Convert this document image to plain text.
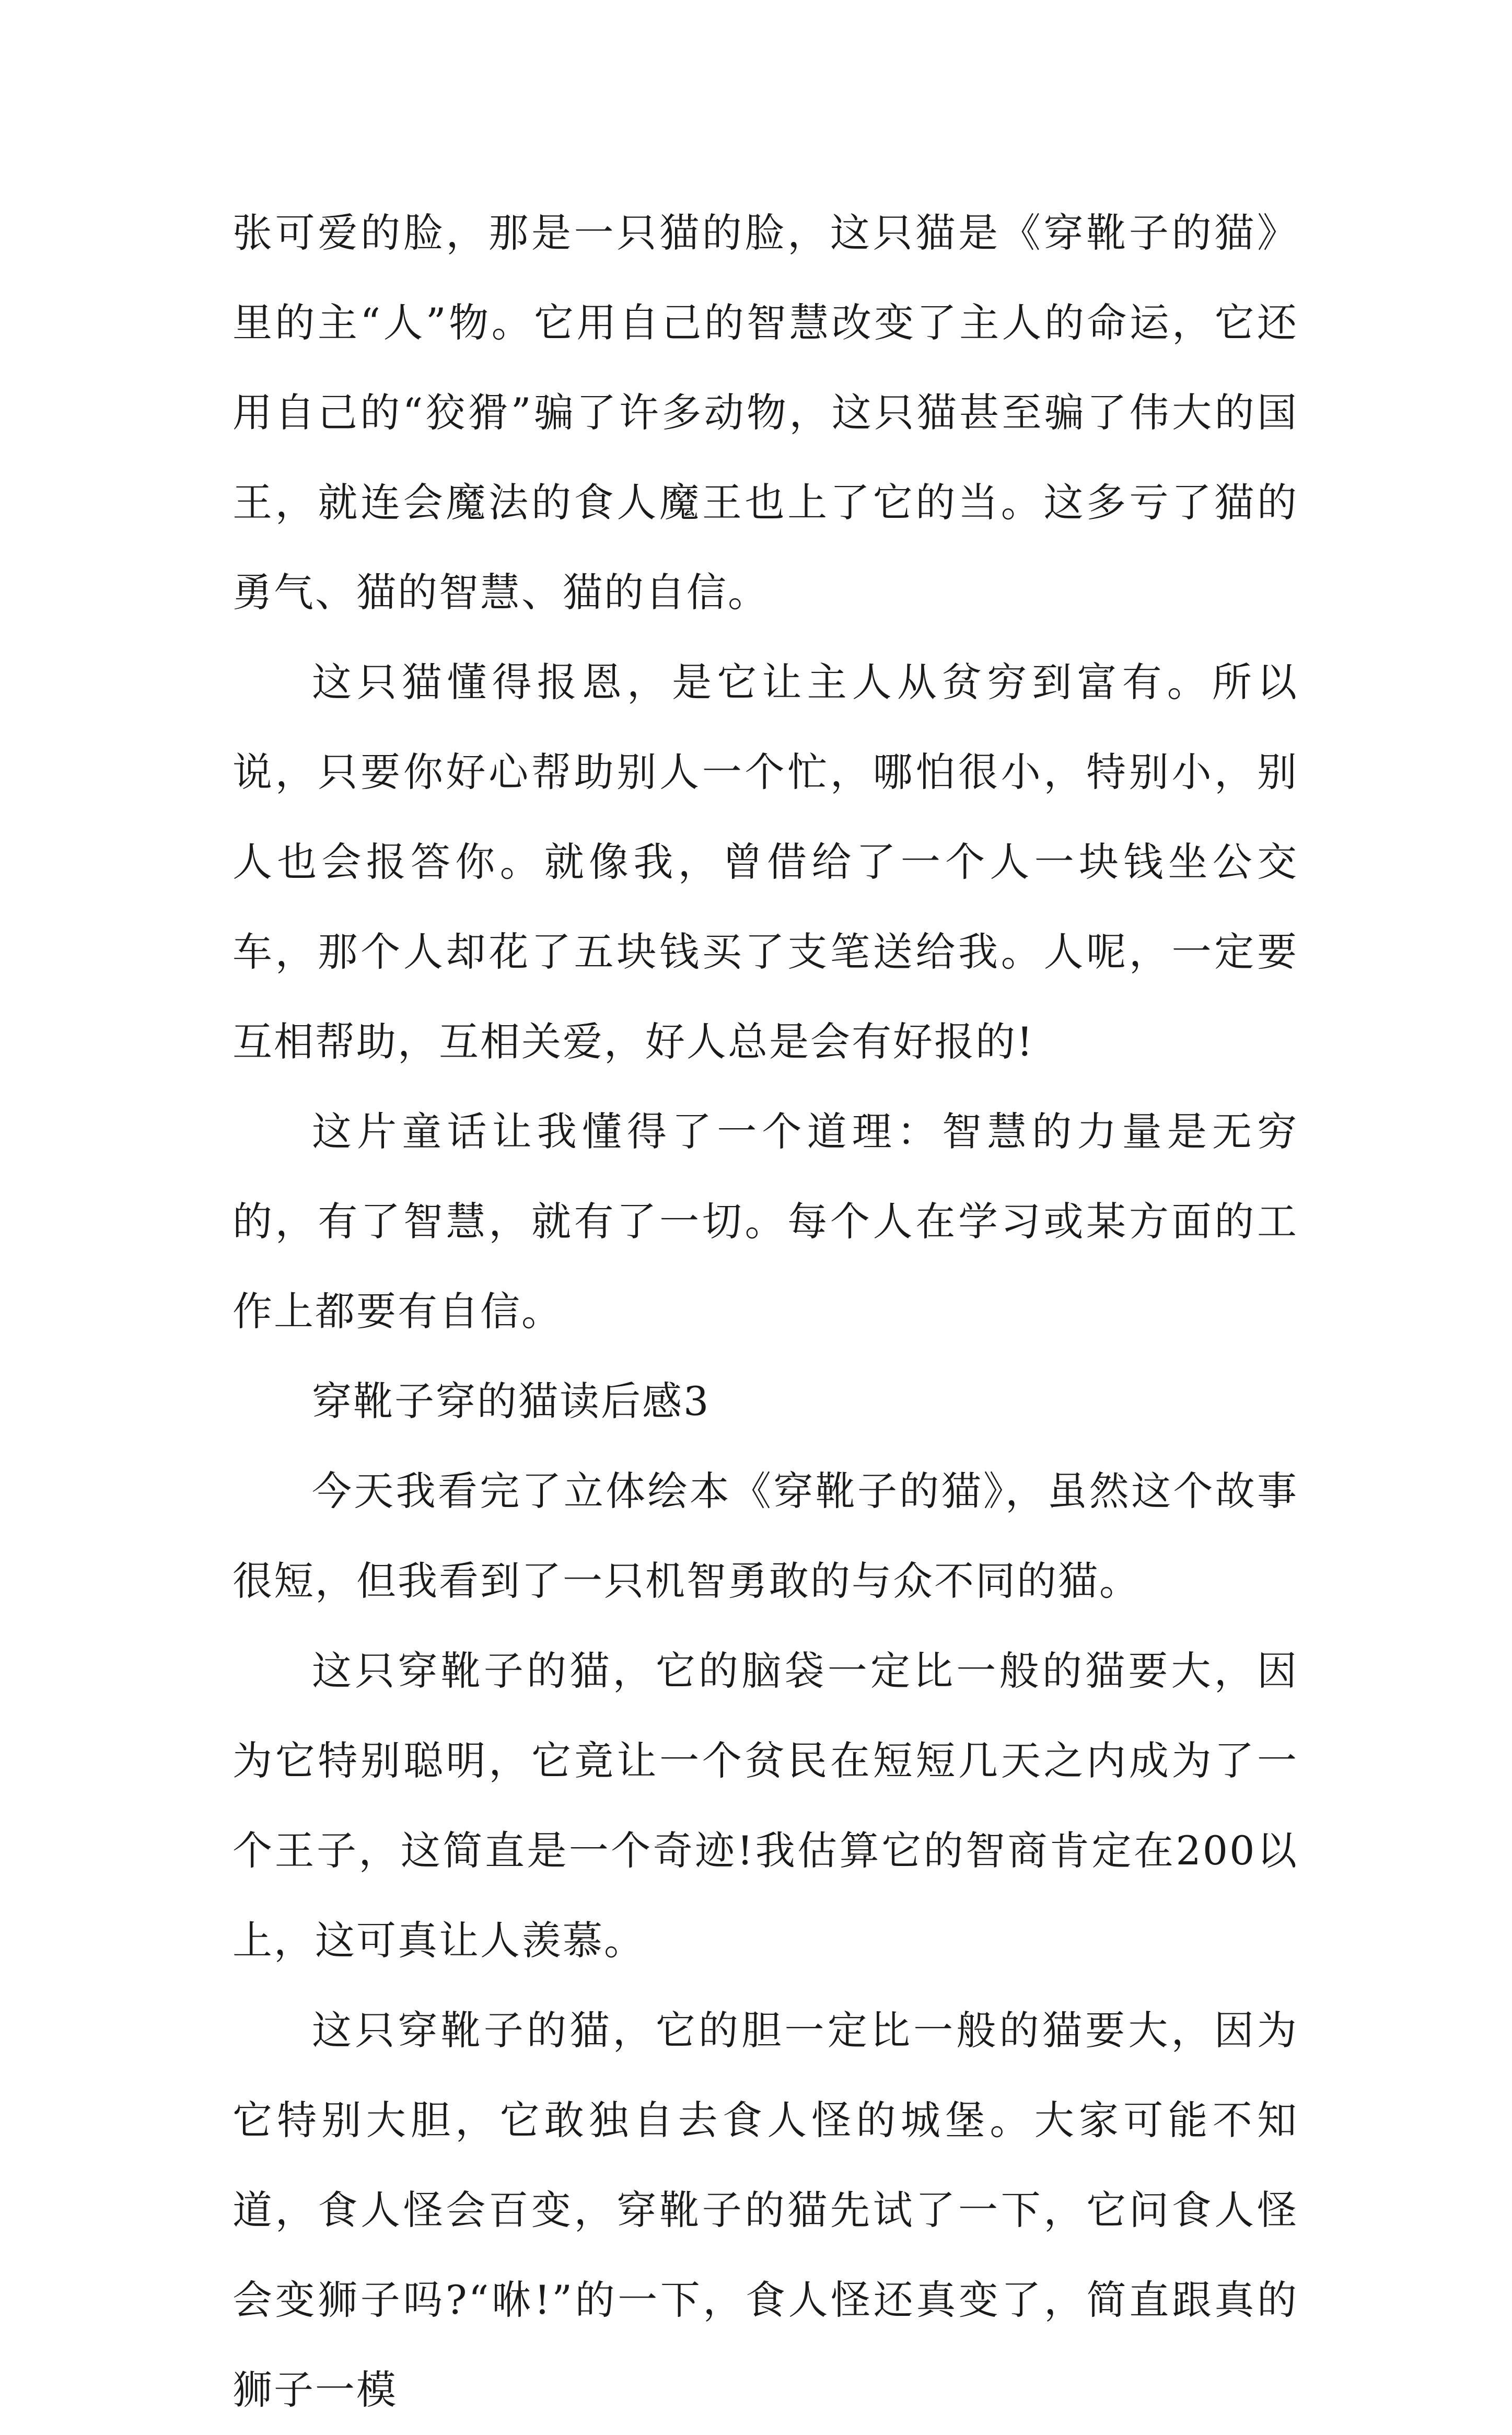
张可爱的脸，那是一只猫的脸，这只猫是《穿靴子的猫》里的主“人”物。它用自己的智慧改变了主人的命运，它还用自己的“狡猾”骗了许多动物，这只猫甚至骗了伟大的国王，就连会魔法的食人魔王也上了它的当。这多亏了猫的勇气、猫的智慧、猫的自信。

这只猫懂得报恩，是它让主人从贫穷到富有。所以说，只要你好心帮助别人一个忙，哪怕很小，特别小，别人也会报答你。就像我，曾借给了一个人一块钱坐公交车，那个人却花了五块钱买了支笔送给我。人呢，一定要互相帮助，互相关爱，好人总是会有好报的!

这片童话让我懂得了一个道理：智慧的力量是无穷的，有了智慧，就有了一切。每个人在学习或某方面的工作上都要有自信。

穿靴子穿的猫读后感3

今天我看完了立体绘本《穿靴子的猫》，虽然这个故事很短，但我看到了一只机智勇敢的与众不同的猫。

这只穿靴子的猫，它的脑袋一定比一般的猫要大，因为它特别聪明，它竟让一个贫民在短短几天之内成为了一个王子，这简直是一个奇迹!我估算它的智商肯定在200以上，这可真让人羡慕。

这只穿靴子的猫，它的胆一定比一般的猫要大，因为它特别大胆，它敢独自去食人怪的城堡。大家可能不知道，食人怪会百变，穿靴子的猫先试了一下，它问食人怪会变狮子吗?“咻!”的一下，食人怪还真变了，简直跟真的狮子一模
